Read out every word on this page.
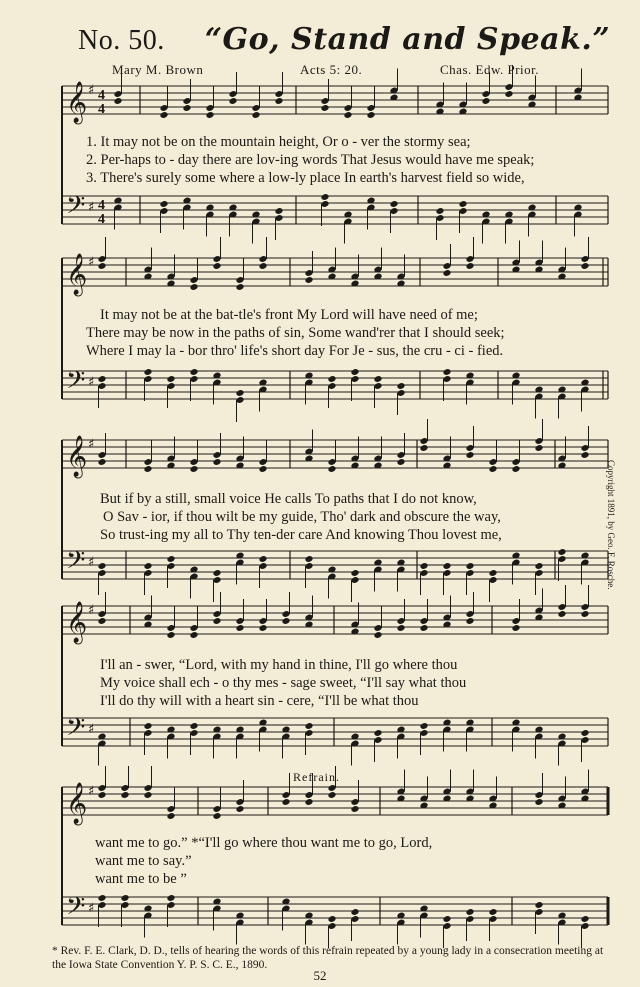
No. 50. “Go, Stand and Speak.”
Mary M. Brown	Acts 5: 20.	Chas. Edw. Prior.
𝄞
𝄢
♯
♯
4
4
4
4
𝄞
𝄢
♯
♯
𝄞
𝄢
♯
♯
𝄞
𝄢
♯
♯
𝄞
𝄢
♯
♯
1. It may not be on the mountain height, Or o - ver the stormy sea;
2. Per-haps to - day there are lov-ing words That Jesus would have me speak;
3. There's surely some where a low-ly place In earth's harvest field so wide,
It may not be at the bat-tle's front My Lord will have need of me;
There may be now in the paths of sin, Some wand'rer that I should seek;
Where I may la - bor thro' life's short day For Je - sus, the cru - ci - fied.
But if by a still, small voice He calls To paths that I do not know,
O Sav - ior, if thou wilt be my guide, Tho' dark and obscure the way,
So trust-ing my all to Thy ten-der care And knowing Thou lovest me,
I'll an - swer, “Lord, with my hand in thine, I'll go where thou
My voice shall ech - o thy mes - sage sweet, “I'll say what thou
I'll do thy will with a heart sin - cere, “I'll be what thou
Refrain.
want me to go.” *“I'll go where thou want me to go, Lord,
want me to say.”
want me to be ”
Copyright 1891, by Geo. F. Rosche.
* Rev. F. E. Clark, D. D., tells of hearing the words of this refrain repeated by a young lady in a consecration meeting at the Iowa State Convention Y. P. S. C. E., 1890.
52
